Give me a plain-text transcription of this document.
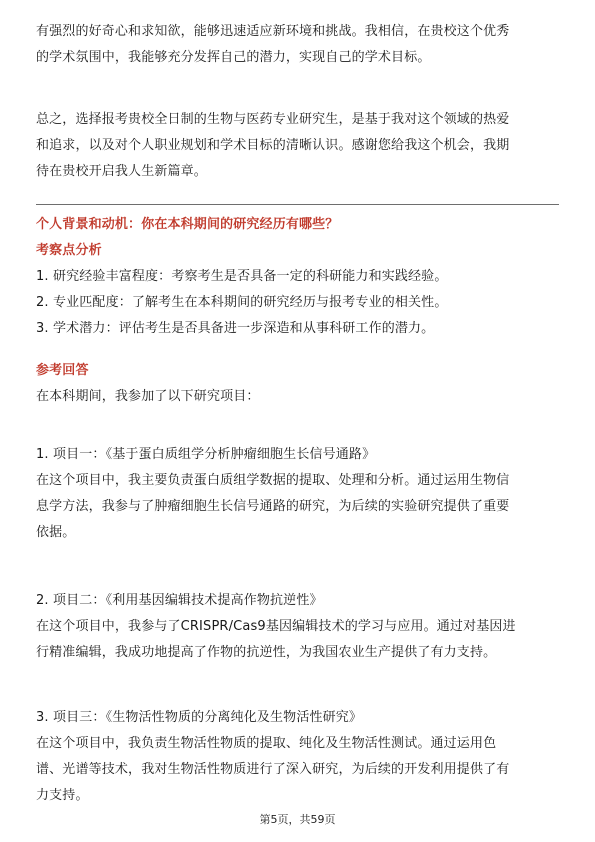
有强烈的好奇心和求知欲，能够迅速适应新环境和挑战。我相信，在贵校这个优秀
的学术氛围中，我能够充分发挥自己的潜力，实现自己的学术目标。
总之，选择报考贵校全日制的生物与医药专业研究生，是基于我对这个领域的热爱
和追求，以及对个人职业规划和学术目标的清晰认识。感谢您给我这个机会，我期
待在贵校开启我人生新篇章。
个人背景和动机：你在本科期间的研究经历有哪些？
考察点分析
1. 研究经验丰富程度：考察考生是否具备一定的科研能力和实践经验。
2. 专业匹配度：了解考生在本科期间的研究经历与报考专业的相关性。
3. 学术潜力：评估考生是否具备进一步深造和从事科研工作的潜力。
参考回答
在本科期间，我参加了以下研究项目：
1. 项目一：《基于蛋白质组学分析肿瘤细胞生长信号通路》
在这个项目中，我主要负责蛋白质组学数据的提取、处理和分析。通过运用生物信
息学方法，我参与了肿瘤细胞生长信号通路的研究，为后续的实验研究提供了重要
依据。
2. 项目二：《利用基因编辑技术提高作物抗逆性》
在这个项目中，我参与了CRISPR/Cas9基因编辑技术的学习与应用。通过对基因进
行精准编辑，我成功地提高了作物的抗逆性，为我国农业生产提供了有力支持。
3. 项目三：《生物活性物质的分离纯化及生物活性研究》
在这个项目中，我负责生物活性物质的提取、纯化及生物活性测试。通过运用色
谱、光谱等技术，我对生物活性物质进行了深入研究，为后续的开发利用提供了有
力支持。
第5页，共59页
